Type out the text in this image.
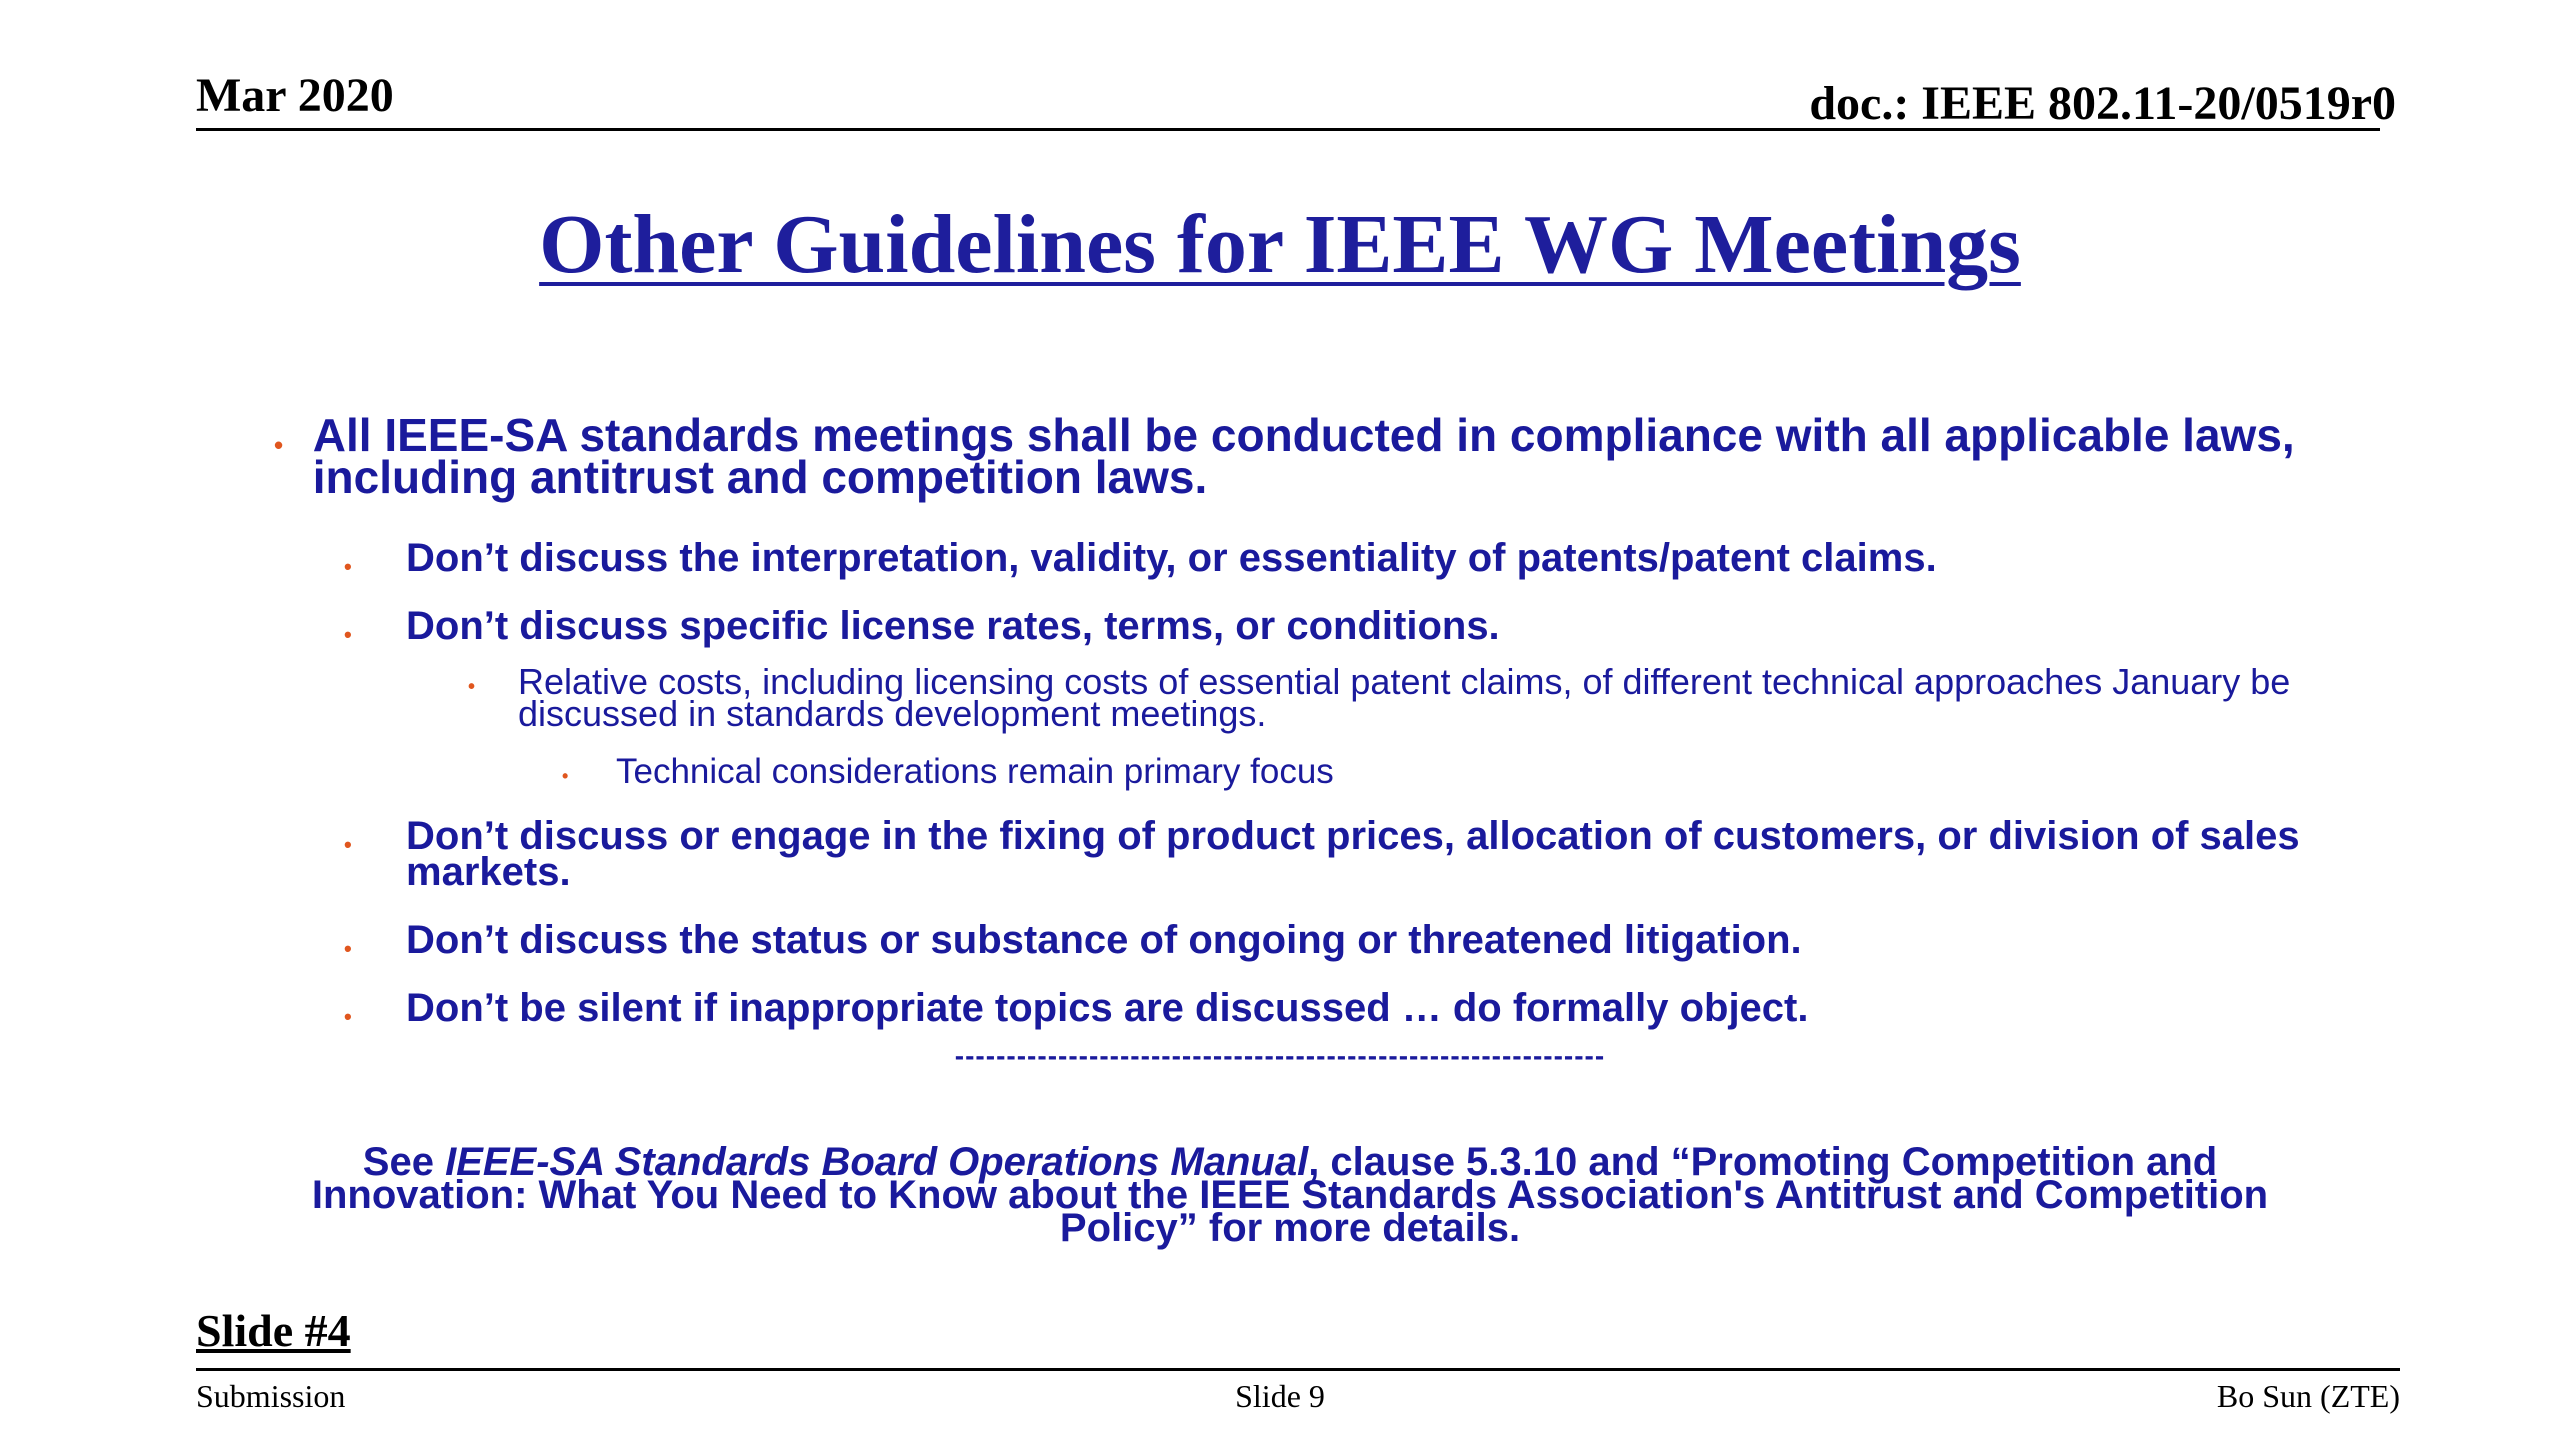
Mar 2020	doc.: IEEE 802.11-20/0519r0
Other Guidelines for IEEE WG Meetings
• All IEEE-SA standards meetings shall be conducted in compliance with all applicable laws, including antitrust and competition laws.
•	Don’t discuss the interpretation, validity, or essentiality of patents/patent claims.
•	Don’t discuss specific license rates, terms, or conditions.
•	Relative costs, including licensing costs of essential patent claims, of different technical approaches January be discussed in standards development meetings.
•	Technical considerations remain primary focus
•	Don’t discuss or engage in the fixing of product prices, allocation of customers, or division of sales markets.
•	Don’t discuss the status or substance of ongoing or threatened litigation.
•	Don’t be silent if inappropriate topics are discussed … do formally object.
---------------------------------------------------------------
See IEEE-SA Standards Board Operations Manual, clause 5.3.10 and “Promoting Competition and Innovation: What You Need to Know about the IEEE Standards Association's Antitrust and Competition Policy” for more details.
Slide #4
Submission	Slide 9	Bo Sun (ZTE)
